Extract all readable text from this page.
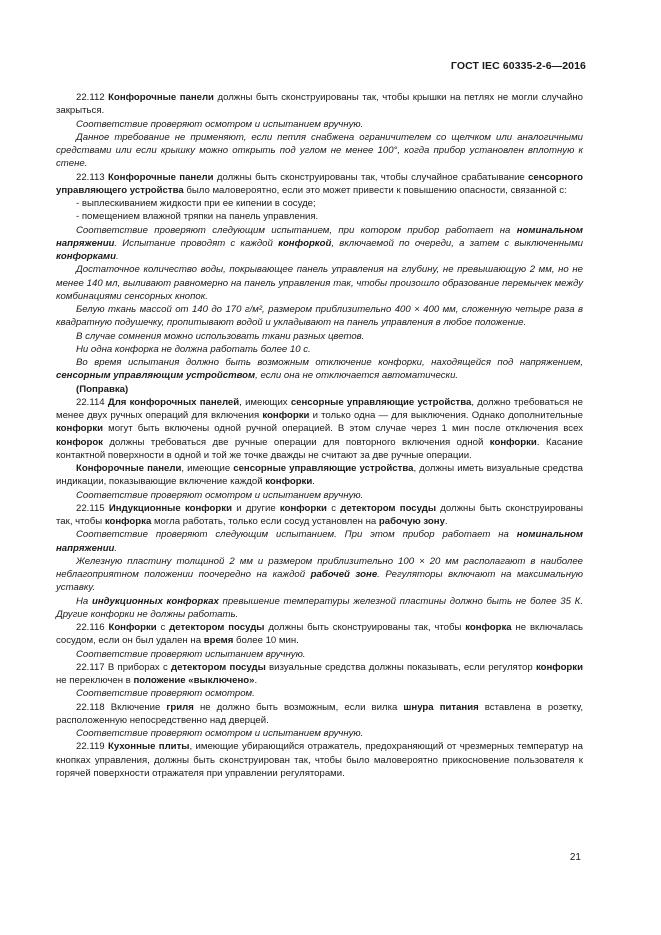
ГОСТ IEC 60335-2-6—2016

22.112 Конфорочные панели должны быть сконструированы так, чтобы крышки на петлях не могли случайно закрыться.

Соответствие проверяют осмотром и испытанием вручную.

Данное требование не применяют, если петля снабжена ограничителем со щелчком или аналогичными средствами или если крышку можно открыть под углом не менее 100°, когда прибор установлен вплотную к стене.

22.113 Конфорочные панели должны быть сконструированы так, чтобы случайное срабатывание сенсорного управляющего устройства было маловероятно, если это может привести к повышению опасности, связанной с:

- выплескиванием жидкости при ее кипении в сосуде;

- помещением влажной тряпки на панель управления.

Соответствие проверяют следующим испытанием, при котором прибор работает на номинальном напряжении. Испытание проводят с каждой конфоркой, включаемой по очереди, а затем с выключенными конфорками.

Достаточное количество воды, покрывающее панель управления на глубину, не превышающую 2 мм, но не менее 140 мл, выливают равномерно на панель управления так, чтобы произошло образование перемычек между комбинациями сенсорных кнопок.

Белую ткань массой от 140 до 170 г/м², размером приблизительно 400 × 400 мм, сложенную четыре раза в квадратную подушечку, пропитывают водой и укладывают на панель управления в любое положение.

В случае сомнения можно использовать ткани разных цветов.

Ни одна конфорка не должна работать более 10 с.

Во время испытания должно быть возможным отключение конфорки, находящейся под напряжением, сенсорным управляющим устройством, если она не отключается автоматически.

(Поправка)

22.114 Для конфорочных панелей, имеющих сенсорные управляющие устройства, должно требоваться не менее двух ручных операций для включения конфорки и только одна — для выключения. Однако дополнительные конфорки могут быть включены одной ручной операцией. В этом случае через 1 мин после отключения всех конфорок должны требоваться две ручные операции для повторного включения одной конфорки. Касание контактной поверхности в одной и той же точке дважды не считают за две ручные операции.

Конфорочные панели, имеющие сенсорные управляющие устройства, должны иметь визуальные средства индикации, показывающие включение каждой конфорки.

Соответствие проверяют осмотром и испытанием вручную.

22.115 Индукционные конфорки и другие конфорки с детектором посуды должны быть сконструированы так, чтобы конфорка могла работать, только если сосуд установлен на рабочую зону.

Соответствие проверяют следующим испытанием. При этом прибор работает на номинальном напряжении.

Железную пластину толщиной 2 мм и размером приблизительно 100 × 20 мм располагают в наиболее неблагоприятном положении поочередно на каждой рабочей зоне. Регуляторы включают на максимальную уставку.

На индукционных конфорках превышение температуры железной пластины должно быть не более 35 К. Другие конфорки не должны работать.

22.116 Конфорки с детектором посуды должны быть сконструированы так, чтобы конфорка не включалась сосудом, если он был удален на время более 10 мин.

Соответствие проверяют испытанием вручную.

22.117 В приборах с детектором посуды визуальные средства должны показывать, если регулятор конфорки не переключен в положение «выключено».

Соответствие проверяют осмотром.

22.118 Включение гриля не должно быть возможным, если вилка шнура питания вставлена в розетку, расположенную непосредственно над дверцей.

Соответствие проверяют осмотром и испытанием вручную.

22.119 Кухонные плиты, имеющие убирающийся отражатель, предохраняющий от чрезмерных температур на кнопках управления, должны быть сконструирован так, чтобы было маловероятно прикосновение пользователя к горячей поверхности отражателя при управлении регуляторами.

21
